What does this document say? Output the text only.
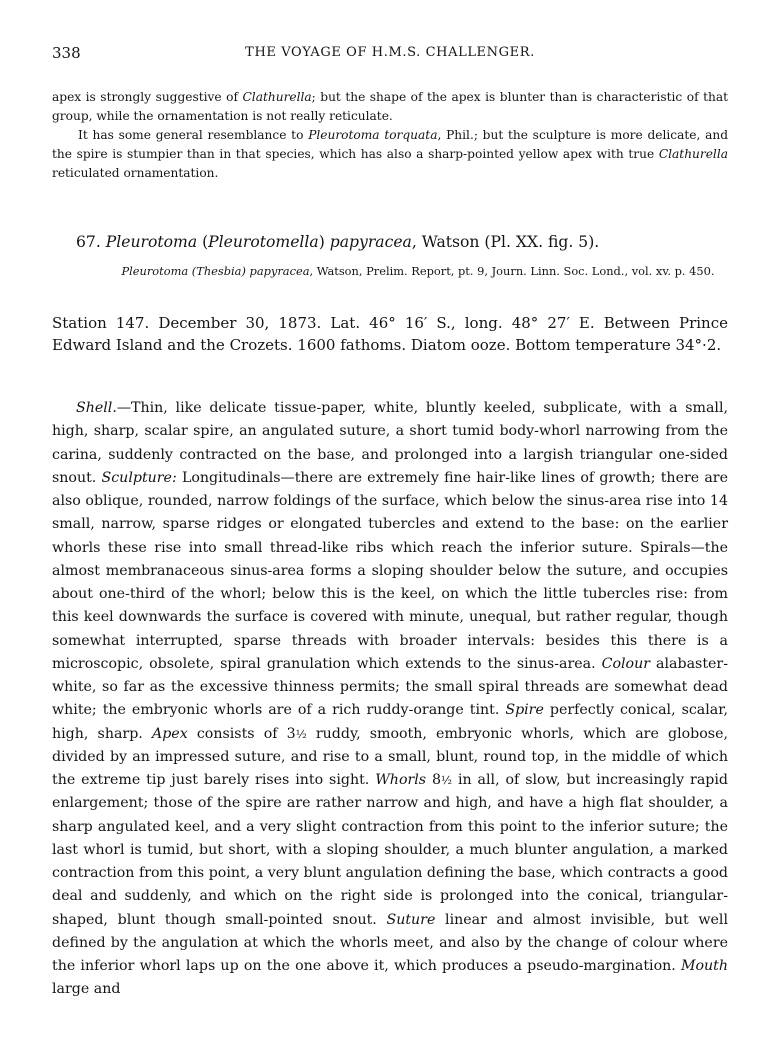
338	THE VOYAGE OF H.M.S. CHALLENGER.

apex is strongly suggestive of Clathurella; but the shape of the apex is blunter than is characteristic of that group, while the ornamentation is not really reticulate.

It has some general resemblance to Pleurotoma torquata, Phil.; but the sculpture is more delicate, and the spire is stumpier than in that species, which has also a sharp-pointed yellow apex with true Clathurella reticulated ornamentation.

67. Pleurotoma (Pleurotomella) papyracea, Watson (Pl. XX. fig. 5).
Pleurotoma (Thesbia) papyracea, Watson, Prelim. Report, pt. 9, Journ. Linn. Soc. Lond., vol. xv. p. 450.
Station 147. December 30, 1873. Lat. 46° 16′ S., long. 48° 27′ E. Between Prince Edward Island and the Crozets. 1600 fathoms. Diatom ooze. Bottom temperature 34°·2.

Shell.—Thin, like delicate tissue-paper, white, bluntly keeled, subplicate, with a small, high, sharp, scalar spire, an angulated suture, a short tumid body-whorl narrowing from the carina, suddenly contracted on the base, and prolonged into a largish triangular one-sided snout. Sculpture: Longitudinals—there are extremely fine hair-like lines of growth; there are also oblique, rounded, narrow foldings of the surface, which below the sinus-area rise into 14 small, narrow, sparse ridges or elongated tubercles and extend to the base: on the earlier whorls these rise into small thread-like ribs which reach the inferior suture. Spirals—the almost membranaceous sinus-area forms a sloping shoulder below the suture, and occupies about one-third of the whorl; below this is the keel, on which the little tubercles rise: from this keel downwards the surface is covered with minute, unequal, but rather regular, though somewhat interrupted, sparse threads with broader intervals: besides this there is a microscopic, obsolete, spiral granulation which extends to the sinus-area. Colour alabaster-white, so far as the excessive thinness permits; the small spiral threads are somewhat dead white; the embryonic whorls are of a rich ruddy-orange tint. Spire perfectly conical, scalar, high, sharp. Apex consists of 3½ ruddy, smooth, embryonic whorls, which are globose, divided by an impressed suture, and rise to a small, blunt, round top, in the middle of which the extreme tip just barely rises into sight. Whorls 8½ in all, of slow, but increasingly rapid enlargement; those of the spire are rather narrow and high, and have a high flat shoulder, a sharp angulated keel, and a very slight contraction from this point to the inferior suture; the last whorl is tumid, but short, with a sloping shoulder, a much blunter angulation, a marked contraction from this point, a very blunt angulation defining the base, which contracts a good deal and suddenly, and which on the right side is prolonged into the conical, triangular-shaped, blunt though small-pointed snout. Suture linear and almost invisible, but well defined by the angulation at which the whorls meet, and also by the change of colour where the inferior whorl laps up on the one above it, which produces a pseudo-margination. Mouth large and
